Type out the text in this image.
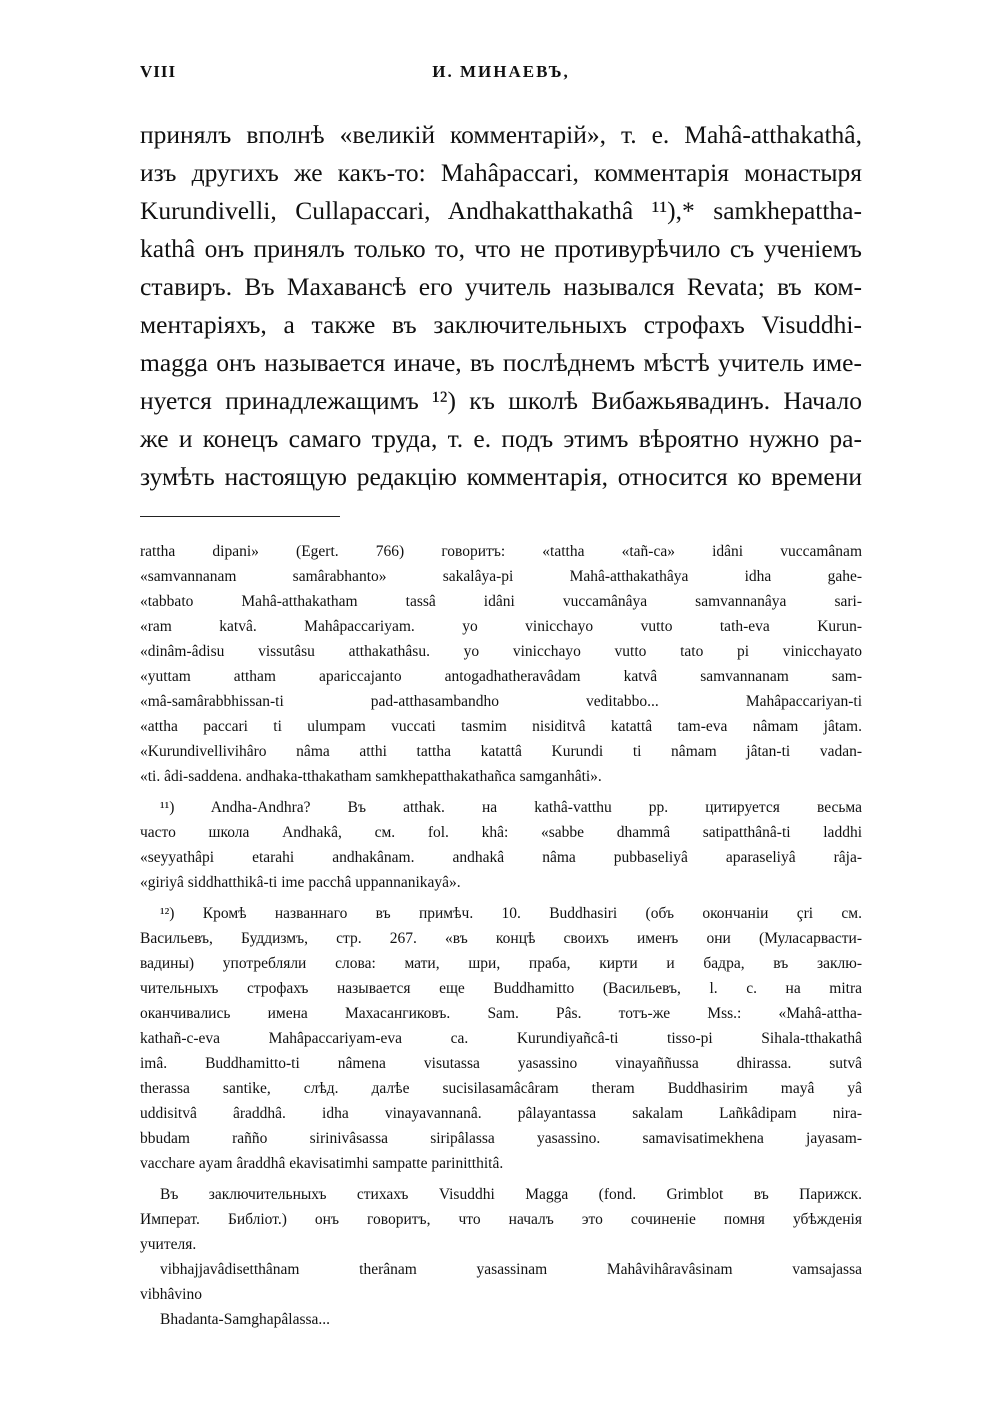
VIII	И. МИНАЕВЪ,
принялъ вполнѣ «великій комментарій», т. е. Mahâ-atthakathâ,
изъ другихъ же какъ-то: Mahâpaccari, комментарія монастыря
Kurundivelli, Cullapaccari, Andhakatthakathâ ¹¹),* samkhepattha-
kathâ онъ принялъ только то, что не противурѣчило съ ученіемъ
ставиръ. Въ Махавансѣ его учитель назывался Revata; въ ком-
ментаріяхъ, а также въ заключительныхъ строфахъ Visuddhi-
magga онъ называется иначе, въ послѣднемъ мѣстѣ учитель име-
нуется принадлежащимъ ¹²) къ школѣ Вибажьявадинъ. Начало
же и конецъ самаго труда, т. е. подъ этимъ вѣроятно нужно ра-
зумѣть настоящую редакцію комментарія, относится ко времени
rattha dipani» (Egert. 766) говоритъ: «tattha «tañ-ca» idâni vuccamânam
«samvannanam samârabhanto» sakalâya-pi Mahâ-atthakathâya idha gahe-
«tabbato Mahâ-atthakatham tassâ idâni vuccamânâya samvannanâya sari-
«ram katvâ. Mahâpaccariyam. yo vinicchayo vutto tath-eva Kurun-
«dinâm-âdisu vissutâsu atthakathâsu. yo vinicchayo vutto tato pi vinicchayato
«yuttam attham apariccajanto antogadhatheravâdam katvâ samvannanam sam-
«mâ-samârabbhissan-ti pad-atthasambandho veditabbo... Mahâpaccariyan-ti
«attha paccari ti ulumpam vuccati tasmim nisiditvâ katattâ tam-eva nâmam jâtam.
«Kurundivellivihâro nâma atthi tattha katattâ Kurundi ti nâmam jâtan-ti vadan-
«ti. âdi-saddena. andhaka-tthakatham samkhepatthakathañca samganhâti».
¹¹) Andha-Andhra? Въ atthak. на kathâ-vatthu pp. цитируется весьма
часто школа Andhakâ, см. fol. khâ: «sabbe dhammâ satipatthânâ-ti laddhi
«seyyathâpi etarahi andhakânam. andhakâ nâma pubbaseliyâ aparaseliyâ râja-
«giriyâ siddhatthikâ-ti ime pacchâ uppannanikayâ».
¹²) Кромѣ названнаго въ примѣч. 10. Buddhasiri (объ окончаніи çri см.
Васильевъ, Буддизмъ, стр. 267. «въ концѣ своихъ именъ они (Муласарвасти-
вадины) употребляли слова: мати, шри, праба, кирти и бадра, въ заклю-
чительныхъ строфахъ называется еще Buddhamitto (Васильевъ, l. c. на mitra
оканчивались имена Махасангиковъ. Sam. Pâs. тотъ-же Mss.: «Mahâ-attha-
kathañ-c-eva Mahâpaccariyam-eva ca. Kurundiyañcâ-ti tisso-pi Sihala-tthakathâ
imâ. Buddhamitto-ti nâmena visutassa yasassino vinayaññussa dhirassa. sutvâ
therassa santike, слѣд. далѣе sucisilasamâcâram theram Buddhasirim mayâ yâ
uddisitvâ âraddhâ. idha vinayavannanâ. pâlayantassa sakalam Lañkâdipam nira-
bbudam rañño sirinivâsassa siripâlassa yasassino. samavisatimekhena jayasam-
vacchare ayam âraddhâ ekavisatimhi sampatte parinitthitâ.
Въ заключительныхъ стихахъ Visuddhi Magga (fond. Grimblot въ Парижск.
Императ. Библіот.) онъ говоритъ, что началъ это сочиненіе помня убѣжденія
учителя.
vibhajjavâdisetthânam therânam yasassinam Mahâvihâravâsinam vamsajassa
vibhâvino
Bhadanta-Samghapâlassa...
